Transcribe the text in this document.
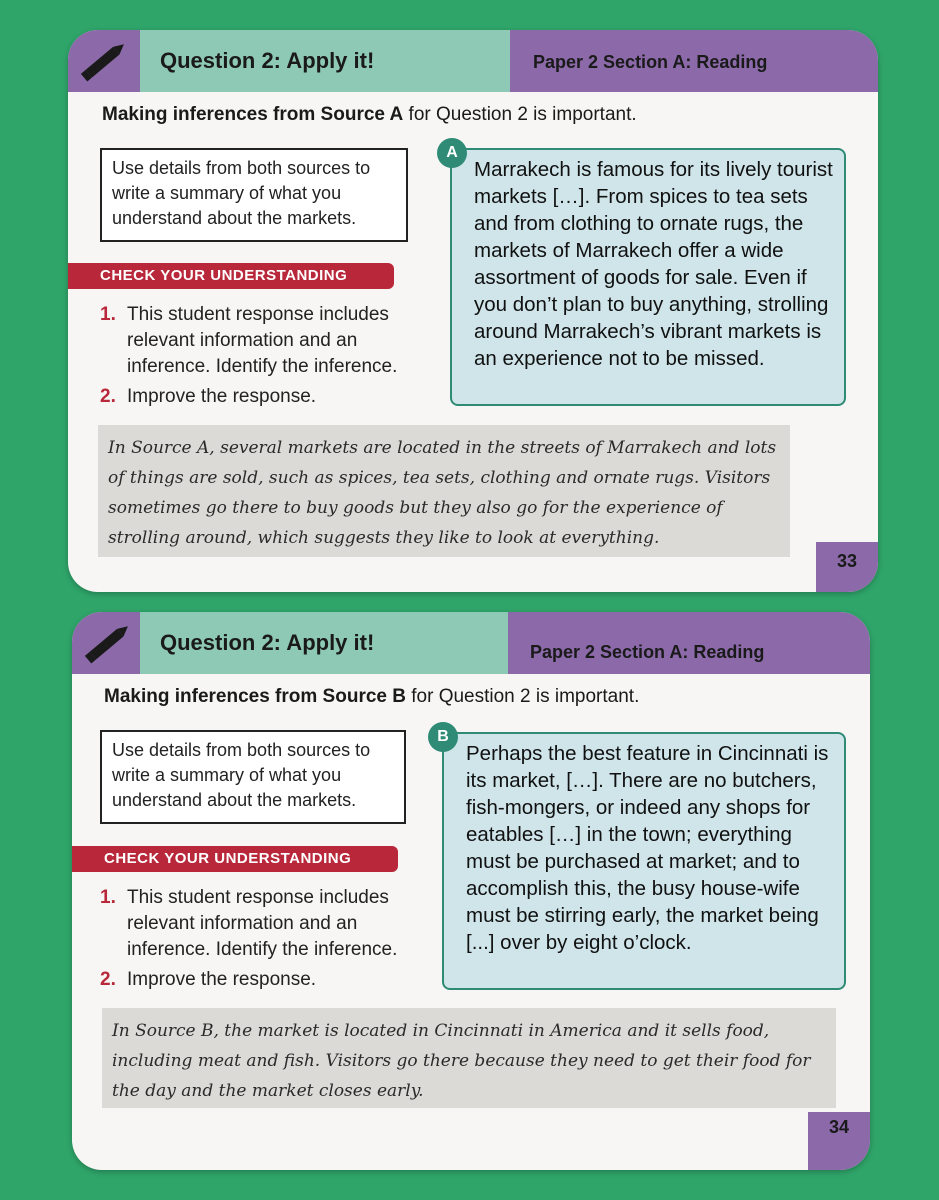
Question 2: Apply it!	Paper 2 Section A: Reading

Making inferences from Source A for Question 2 is important.

Use details from both sources to write a summary of what you understand about the markets.
CHECK YOUR UNDERSTANDING
1. This student response includes relevant information and an inference. Identify the inference.
2. Improve the response.
Marrakech is famous for its lively tourist markets […]. From spices to tea sets and from clothing to ornate rugs, the markets of Marrakech offer a wide assortment of goods for sale. Even if you don’t plan to buy anything, strolling around Marrakech’s vibrant markets is an experience not to be missed.
A
In Source A, several markets are located in the streets of Marrakech and lots of things are sold, such as spices, tea sets, clothing and ornate rugs. Visitors sometimes go there to buy goods but they also go for the experience of strolling around, which suggests they like to look at everything.
33
Question 2: Apply it!	Paper 2 Section A: Reading

Making inferences from Source B for Question 2 is important.

Use details from both sources to write a summary of what you understand about the markets.
CHECK YOUR UNDERSTANDING
1. This student response includes relevant information and an inference. Identify the inference.
2. Improve the response.
Perhaps the best feature in Cincinnati is its market, […]. There are no butchers, fish-mongers, or indeed any shops for eatables […] in the town; everything must be purchased at market; and to accomplish this, the busy house-wife must be stirring early, the market being [...] over by eight o’clock.
B
In Source B, the market is located in Cincinnati in America and it sells food, including meat and fish. Visitors go there because they need to get their food for the day and the market closes early.
34
